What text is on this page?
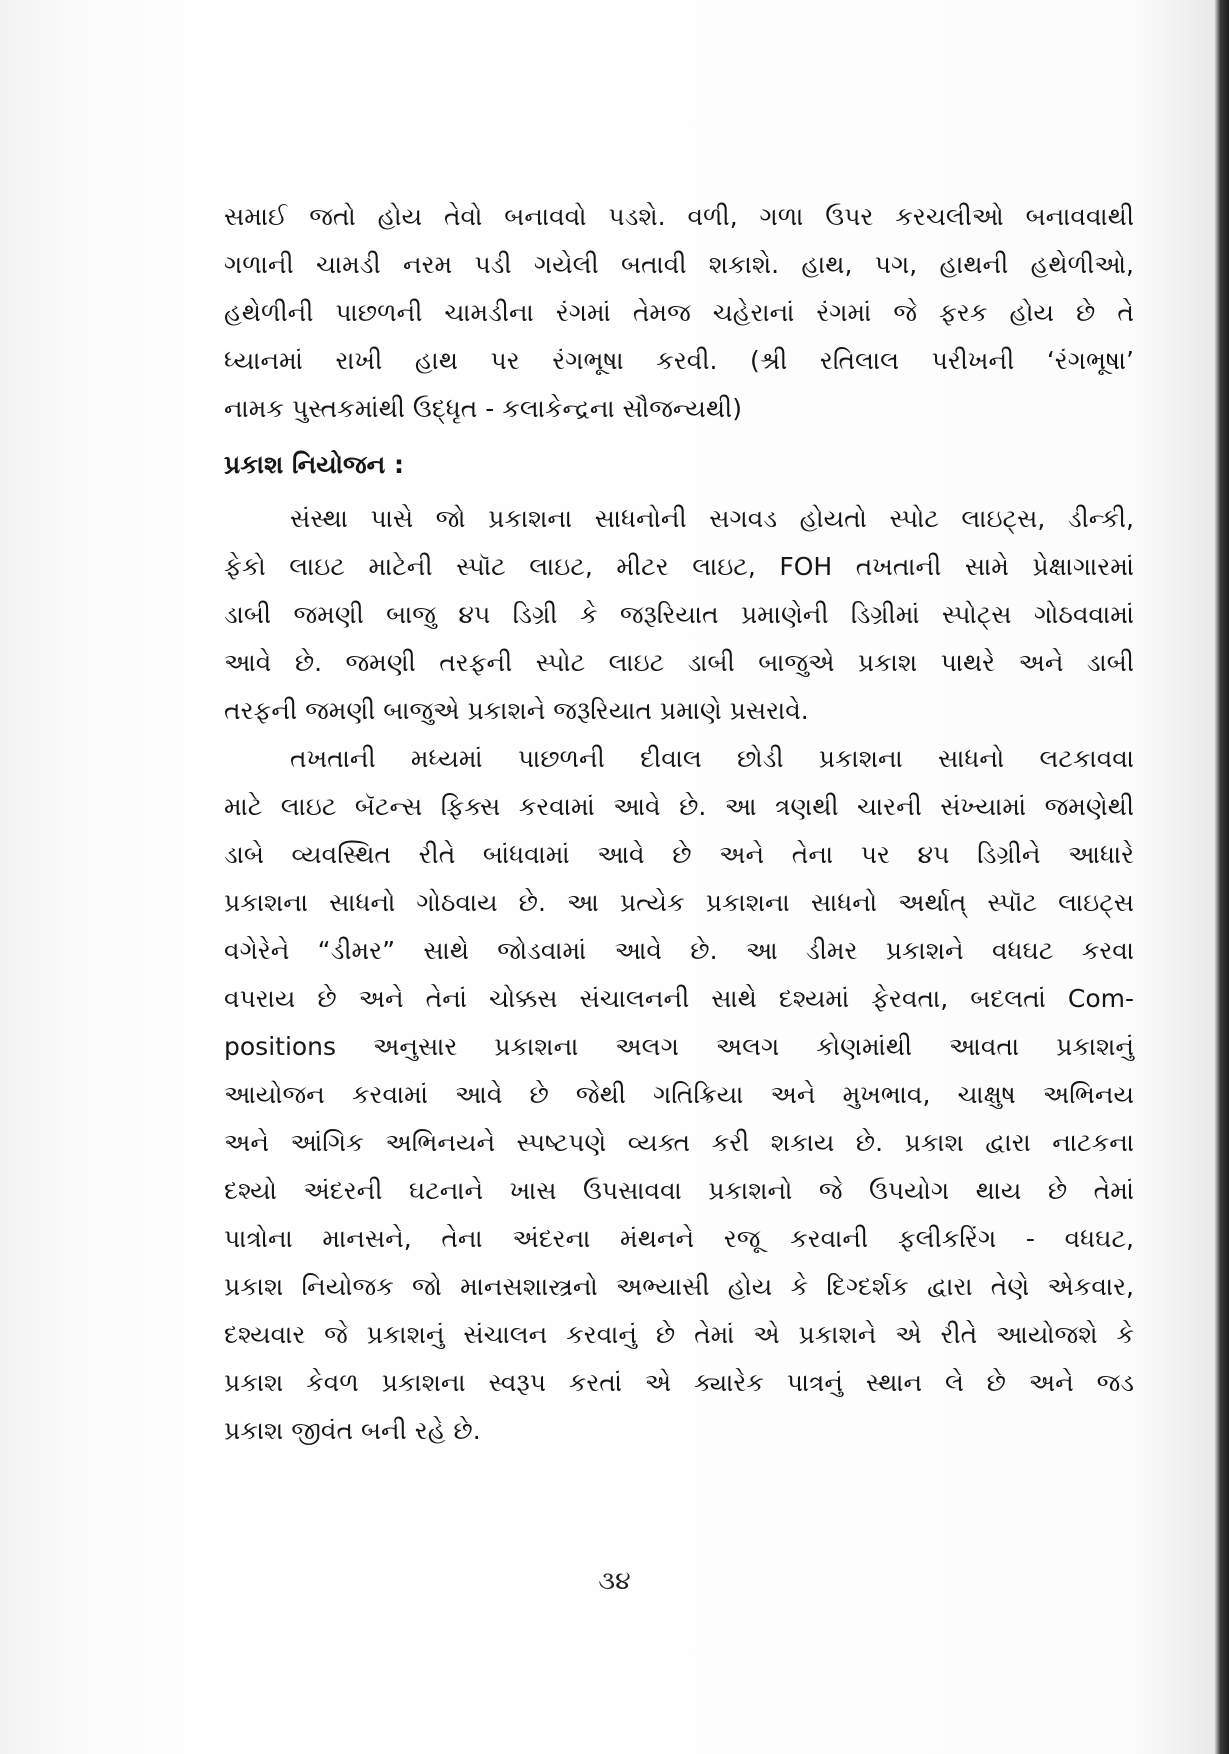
સમાઈ જતો હોય તેવો બનાવવો પડશે. વળી, ગળા ઉપર કરચલીઓ બનાવવાથી
ગળાની ચામડી નરમ પડી ગયેલી બતાવી શકાશે. હાથ, પગ, હાથની હથેળીઓ,
હથેળીની પાછળની ચામડીના રંગમાં તેમજ ચહેરાનાં રંગમાં જે ફરક હોય છે તે
ધ્યાનમાં રાખી હાથ પર રંગભૂષા કરવી. (શ્રી રતિલાલ પરીખની ‘રંગભૂષા’
નામક પુસ્તકમાંથી ઉદ્ધૃત - કલાકેન્દ્રના સૌજન્યથી)
પ્રકાશ નિયોજન :
સંસ્થા પાસે જો પ્રકાશના સાધનોની સગવડ હોયતો સ્પોટ લાઇટ્સ, ડીન્કી,
ફેકો લાઇટ માટેની સ્પૉટ લાઇટ, મીટર લાઇટ, FOH તખતાની સામે પ્રેક્ષાગારમાં
ડાબી જમણી બાજુ ૪૫ ડિગ્રી કે જરૂરિયાત પ્રમાણેની ડિગ્રીમાં સ્પોટ્સ ગોઠવવામાં
આવે છે. જમણી તરફની સ્પોટ લાઇટ ડાબી બાજુએ પ્રકાશ પાથરે અને ડાબી
તરફની જમણી બાજુએ પ્રકાશને જરૂરિયાત પ્રમાણે પ્રસરાવે.
તખતાની મધ્યમાં પાછળની દીવાલ છોડી પ્રકાશના સાધનો લટકાવવા
માટે લાઇટ બૅટન્સ ફિક્સ કરવામાં આવે છે. આ ત્રણથી ચારની સંખ્યામાં જમણેથી
ડાબે વ્યવસ્થિત રીતે બાંધવામાં આવે છે અને તેના પર ૪૫ ડિગ્રીને આધારે
પ્રકાશના સાધનો ગોઠવાય છે. આ પ્રત્યેક પ્રકાશના સાધનો અર્થાત્ સ્પૉટ લાઇટ્સ
વગેરેને “ડીમર” સાથે જોડવામાં આવે છે. આ ડીમર પ્રકાશને વધઘટ કરવા
વપરાય છે અને તેનાં ચોક્કસ સંચાલનની સાથે દશ્યમાં ફેરવતા, બદલતાં Com-
positions અનુસાર પ્રકાશના અલગ અલગ કોણમાંથી આવતા પ્રકાશનું
આયોજન કરવામાં આવે છે જેથી ગતિક્રિયા અને મુખભાવ, ચાક્ષુષ અભિનય
અને આંગિક અભિનયને સ્પષ્ટપણે વ્યક્ત કરી શકાય છે. પ્રકાશ દ્વારા નાટકના
દશ્યો અંદરની ઘટનાને ખાસ ઉપસાવવા પ્રકાશનો જે ઉપયોગ થાય છે તેમાં
પાત્રોના માનસને, તેના અંદરના મંથનને રજૂ કરવાની ફલીકરિંગ - વધઘટ,
પ્રકાશ નિયોજક જો માનસશાસ્ત્રનો અભ્યાસી હોય કે દિગ્દર્શક દ્વારા તેણે એકવાર,
દશ્યવાર જે પ્રકાશનું સંચાલન કરવાનું છે તેમાં એ પ્રકાશને એ રીતે આયોજશે કે
પ્રકાશ કેવળ પ્રકાશના સ્વરૂપ કરતાં એ ક્યારેક પાત્રનું સ્થાન લે છે અને જડ
પ્રકાશ જીવંત બની રહે છે.
૩૪
